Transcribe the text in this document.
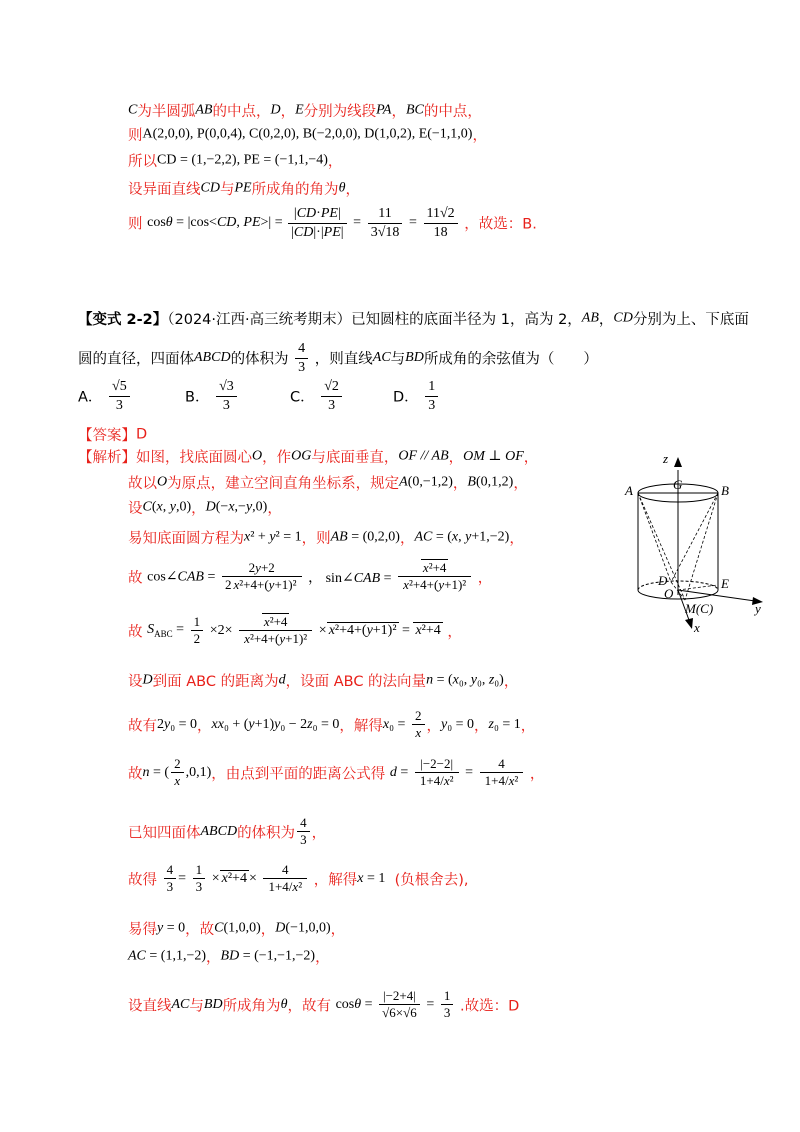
C为半圆弧AB的中点，D，E分别为线段PA，BC的中点，
则A(2,0,0), P(0,0,4), C(0,2,0), B(−2,0,0), D(1,0,2), E(−1,1,0)，
所以CD = (1,−2,2), PE = (−1,1,−4)，
设异面直线CD与PE所成角的角为θ，
则 cosθ = |cos<CD, $PE>| = \frac{|CD\cdot PE|}{|CD|\cdot|PE|} = \frac{11}{3√18} = \frac{11√2}{18}$ ，故选：B.
【变式 2-2】（2024·江西·高三统考期末）已知圆柱的底面半径为 1，高为 2，AB，CD分别为上、下底面
圆的直径，四面体ABCD的体积为 $\frac{4}{3}$ ，则直线AC与BD所成角的余弦值为（　　）
A． $\frac{√5}{3}$	B． $\frac{√3}{3}$	C． $\frac{√2}{3}$	D． $\frac{1}{3}$
【答案】D
【解析】如图，找底面圆心O，作OG与底面垂直，OF // AB，OM ⊥ OF，
故以O为原点，建立空间直角坐标系，规定A(0,−1,2)，B(0,1,2)，
设C(x, y,0)，D(−x,−y,0)，
易知底面圆方程为x² + y² = 1，则AB = (0,2,0)，AC = (x, y+1,−2)，
故 cos∠CAB = $\frac{2y+2}{\text{2 x²+4+(y+1)²}}$ ， sin∠CAB = $\frac{\text{x²+4}}{\text{x²+4+(y+1)²}}$ ，
故 $S_{ABC} = \frac{1}{2} \times 2\times \frac{\text{x²+4}}{\text{x²+4+(y+1)²}} \times x^2+4+(y+1)^2 = x^2+4$ ，
设D到面 ABC 的距离为d，设面 ABC 的法向量n = (x₀, y₀, z₀)，
故有2y₀ = 0，xx₀ + (y+1)y₀ − 2z₀ = 0，解得$x_0 = \frac{2}{x}$ ，y₀ = 0，z₀ = 1，
故n = ( $\frac{2}{x} ,0,1$)，由点到平面的距离公式得 $d = \frac{|-2-2|}{\text{1+4/x²}} = \frac{4}{\text{1+4/x²}}$ ，
已知四面体ABCD的体积为 $\frac{4}{3}$ ，
故得 $\frac{4}{3} = \frac{1}{3} \times x^2+4 \times \frac{4}{\text{1+4/x²}}$ ，解得x = 1 (负根舍去),
易得y = 0，故C(1,0,0)，D(−1,0,0)，
AC = (1,1,−2)，BD = (−1,−1,−2)，
设直线AC与BD所成角为θ，故有 $\cos\theta = \frac{|-2+4|}{√6\times√6} = \frac{1}{3}$ .故选：D
z
A	G	B
D	E
O
M(C)	y
x
